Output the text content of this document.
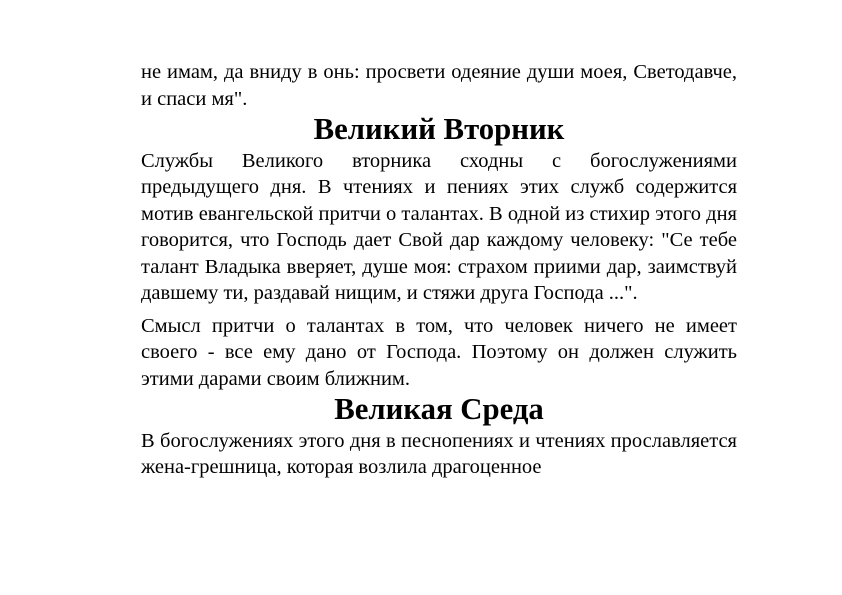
не имам, да вниду в онь: просвети одеяние души моея, Светодавче, и спаси мя".

Великий Вторник

Службы Великого вторника сходны с богослужениями предыдущего дня. В чтениях и пениях этих служб содержится мотив евангельской притчи о талантах. В одной из стихир этого дня говорится, что Господь дает Свой дар каждому человеку: "Се тебе талант Владыка вверяет, душе моя: страхом приими дар, заимствуй давшему ти, раздавай нищим, и стяжи друга Господа ...".

Смысл притчи о талантах в том, что человек ничего не имеет своего - все ему дано от Господа. Поэтому он должен служить этими дарами своим ближним.

Великая Среда

В богослужениях этого дня в песнопениях и чтениях прославляется жена-грешница, которая возлила драгоценное
